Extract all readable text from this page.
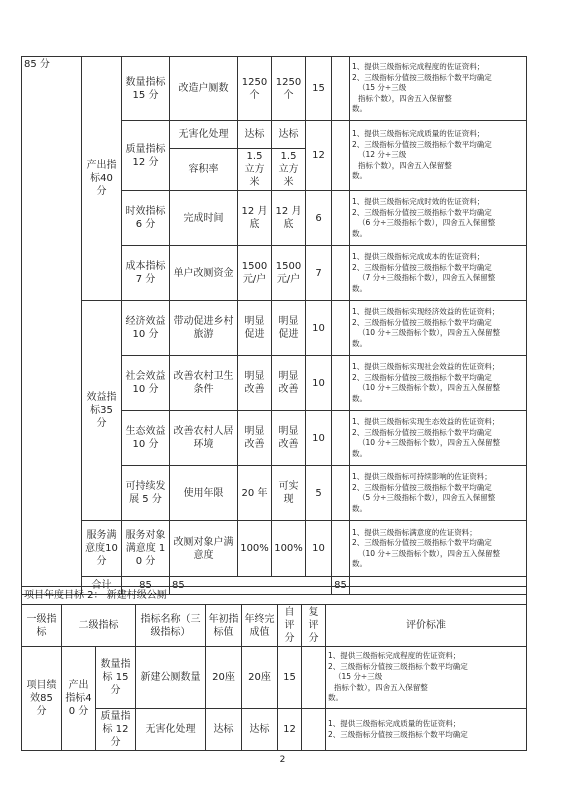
85 分	产出指标40 分	数量指标 15 分	改造户厕数	1250个	1250个	15		1、提供三级指标完成程度的佐证资料；
2、三级指标分值按三级指标个数平均确定
（15 分÷三级
指标个数），四舍五入保留整
数。	

		质量指标 12 分	无害化处理	达标	达标	12		1、提供三级指标完成质量的佐证资料；
2、三级指标分值按三级指标个数平均确定
（12 分÷三级
指标个数），四舍五入保留整
数。	

			容积率	1.5 立方米	1.5 立方米				
		时效指标 6 分	完成时间	12 月底	12 月底	6		1、提供三级指标完成时效的佐证资料；
2、三级指标分值按三级指标个数平均确定
（6 分÷三级指标个数），四舍五入保留整
数。	

		成本指标 7 分	单户改厕资金	1500元/户	1500元/户	7		1、提供三级指标完成成本的佐证资料；
2、三级指标分值按三级指标个数平均确定
（7 分÷三级指标个数），四舍五入保留整
数。	

	效益指标35 分	经济效益 10 分	带动促进乡村旅游	明显促进	明显促进	10		1、提供三级指标实现经济效益的佐证资料；
2、三级指标分值按三级指标个数平均确定
（10 分÷三级指标个数），四舍五入保留整
数。	

		社会效益 10 分	改善农村卫生条件	明显改善	明显改善	10		1、提供三级指标实现社会效益的佐证资料；
2、三级指标分值按三级指标个数平均确定
（10 分÷三级指标个数），四舍五入保留整
数。	

		生态效益 10 分	改善农村人居环境	明显改善	明显改善	10		1、提供三级指标实现生态效益的佐证资料；
2、三级指标分值按三级指标个数平均确定
（10 分÷三级指标个数），四舍五入保留整
数。	

		可持续发展 5 分	使用年限	20 年	可实现	5		1、提供三级指标可持续影响的佐证资料；
2、三级指标分值按三级指标个数平均确定
（5 分÷三级指标个数），四舍五入保留整
数。	

	服务满意度10分	服务对象满意度 10 分	改厕对象户满意度	100%	100%	10		1、提供三级指标满意度的佐证资料；
2、三级指标分值按三级指标个数平均确定
（10 分÷三级指标个数），四舍五入保留整
数。	

	合计	85	85				85		
项目年度目标 2： 新建村级公厕								
一级指标	二级指标		指标名称（三级指标）	年初指标值	年终完成值	自评分	复评分	评价标准
项目绩效85 分	产出指标40 分	数量指标 15 分	新建公厕数量	20座	20座	15		1、提供三级指标完成程度的佐证资料；
2、三级指标分值按三级指标个数平均确定
（15 分÷三级
指标个数），四舍五入保留整
数。

		质量指标 12 分	无害化处理	达标	达标	12		1、提供三级指标完成质量的佐证资料；
2、三级指标分值按三级指标个数平均确定
2
